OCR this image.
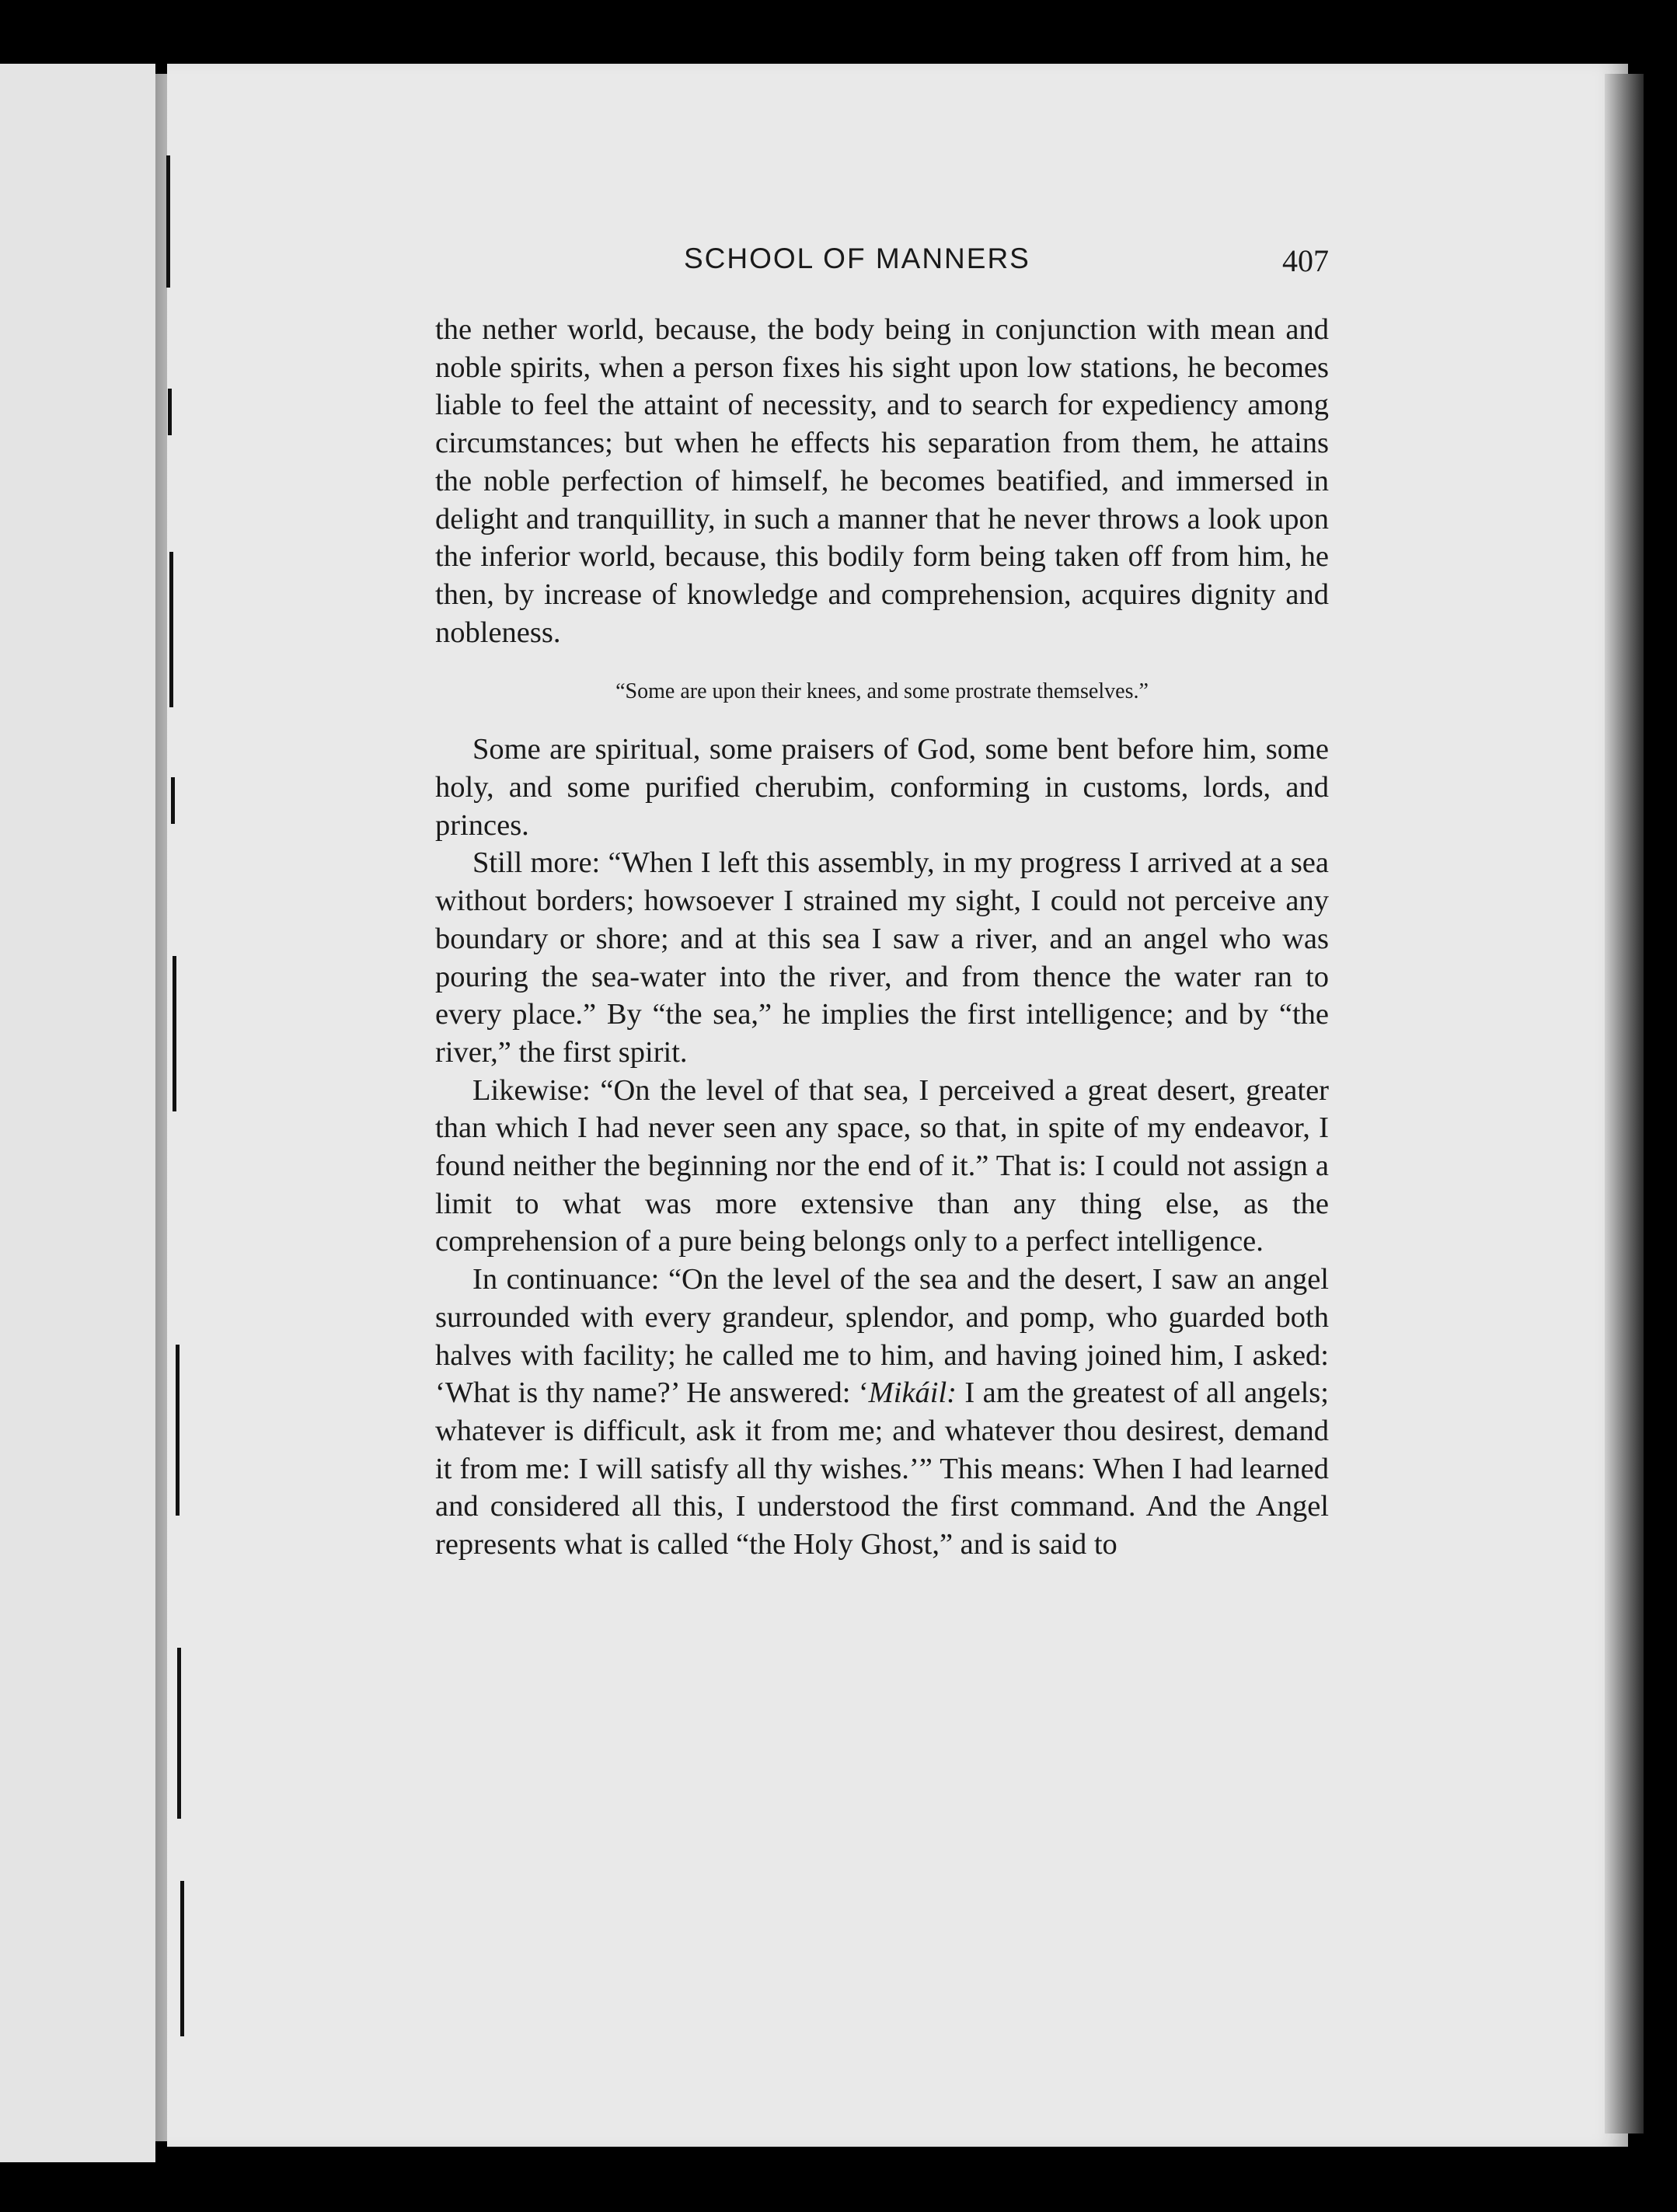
SCHOOL OF MANNERS	407

the nether world, because, the body being in conjunction with mean and noble spirits, when a person fixes his sight upon low stations, he becomes liable to feel the attaint of necessity, and to search for expediency among circumstances; but when he effects his separation from them, he attains the noble perfection of himself, he becomes beatified, and immersed in delight and tranquillity, in such a manner that he never throws a look upon the inferior world, because, this bodily form being taken off from him, he then, by increase of knowledge and comprehension, acquires dignity and nobleness.

“Some are upon their knees, and some prostrate themselves.”

Some are spiritual, some praisers of God, some bent before him, some holy, and some purified cherubim, conforming in customs, lords, and princes.

Still more: “When I left this assembly, in my progress I arrived at a sea without borders; howsoever I strained my sight, I could not perceive any boundary or shore; and at this sea I saw a river, and an angel who was pouring the sea-water into the river, and from thence the water ran to every place.” By “the sea,” he implies the first intelligence; and by “the river,” the first spirit.

Likewise: “On the level of that sea, I perceived a great desert, greater than which I had never seen any space, so that, in spite of my endeavor, I found neither the beginning nor the end of it.” That is: I could not assign a limit to what was more extensive than any thing else, as the comprehension of a pure being belongs only to a perfect intelligence.

In continuance: “On the level of the sea and the desert, I saw an angel surrounded with every grandeur, splendor, and pomp, who guarded both halves with facility; he called me to him, and having joined him, I asked: ‘What is thy name?’ He answered: ‘Mikáil: I am the greatest of all angels; whatever is difficult, ask it from me; and whatever thou desirest, demand it from me: I will satisfy all thy wishes.’” This means: When I had learned and considered all this, I understood the first command. And the Angel represents what is called “the Holy Ghost,” and is said to
